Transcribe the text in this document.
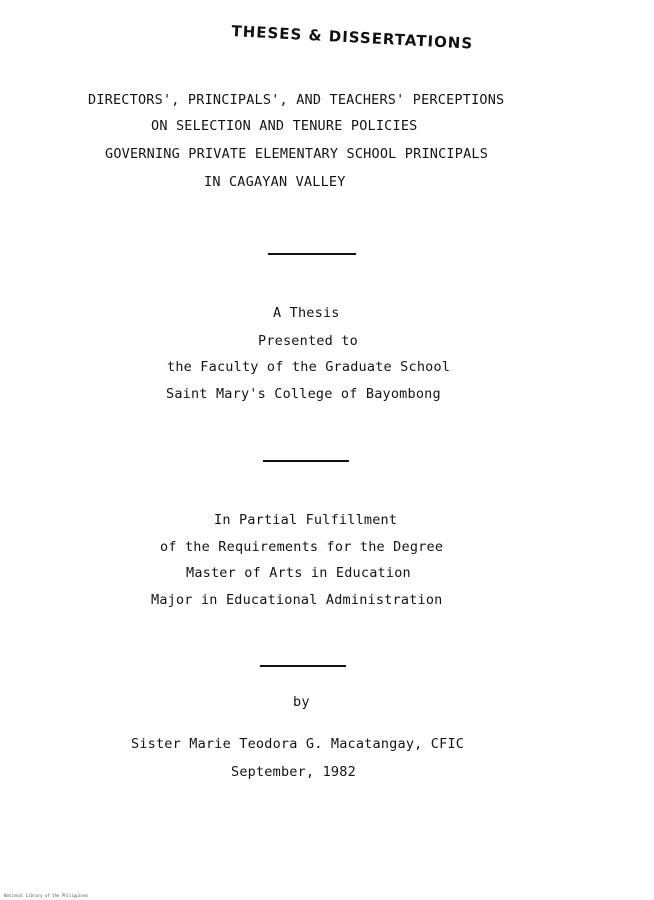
THESES & DISSERTATIONS
DIRECTORS', PRINCIPALS', AND TEACHERS' PERCEPTIONS
ON SELECTION AND TENURE POLICIES
GOVERNING PRIVATE ELEMENTARY SCHOOL PRINCIPALS
IN CAGAYAN VALLEY
A Thesis
Presented to
the Faculty of the Graduate School
Saint Mary's College of Bayombong
In Partial Fulfillment
of the Requirements for the Degree
Master of Arts in Education
Major in Educational Administration
by
Sister Marie Teodora G. Macatangay, CFIC
September, 1982
National Library of the Philippines
